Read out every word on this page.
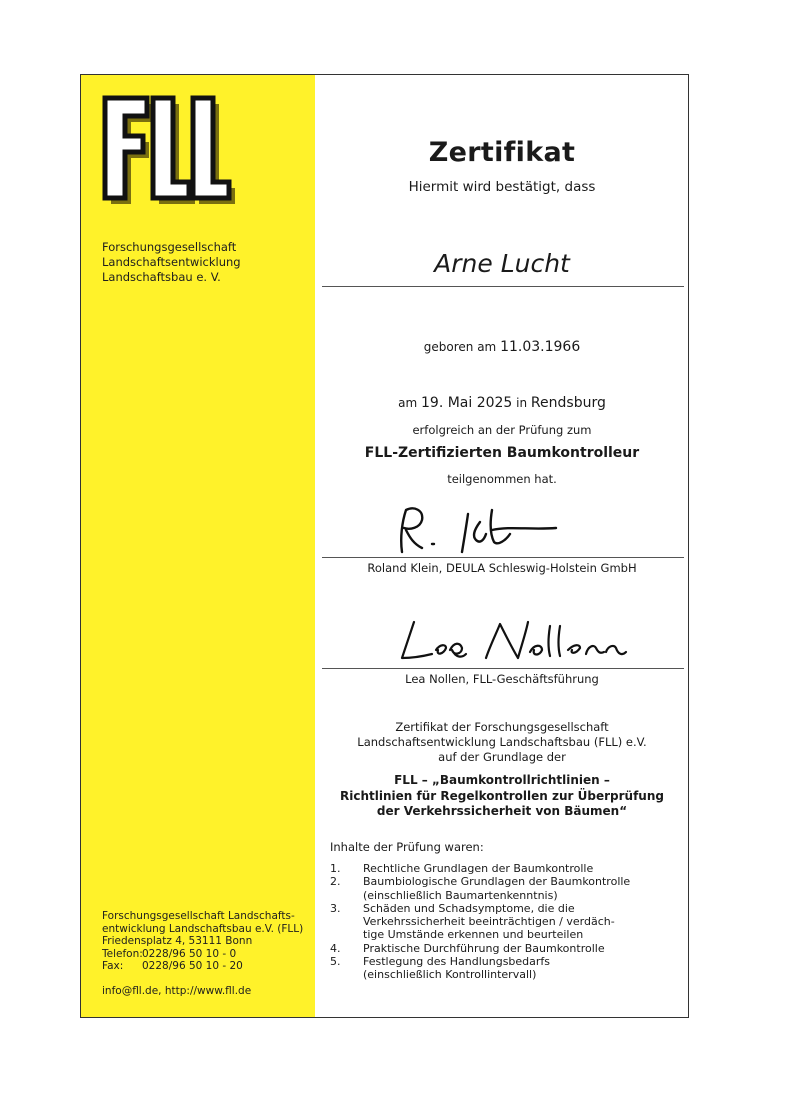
Forschungsgesellschaft
Landschaftsentwicklung
Landschaftsbau e. V.
Forschungsgesellschaft Landschafts-
entwicklung Landschaftsbau e.V. (FLL)
Friedensplatz 4, 53111 Bonn
Telefon:0228/96 50 10 - 0
Fax: 0228/96 50 10 - 20
info@fll.de, http://www.fll.de
Zertifikat
Hiermit wird bestätigt, dass
Arne Lucht
geboren am 11.03.1966
am 19. Mai 2025 in Rendsburg
erfolgreich an der Prüfung zum
FLL-Zertifizierten Baumkontrolleur
teilgenommen hat.
Roland Klein, DEULA Schleswig-Holstein GmbH
Lea Nollen, FLL-Geschäftsführung
Zertifikat der Forschungsgesellschaft
Landschaftsentwicklung Landschaftsbau (FLL) e.V.
auf der Grundlage der
FLL – „Baumkontrollrichtlinien –
Richtlinien für Regelkontrollen zur Überprüfung
der Verkehrssicherheit von Bäumen“
Inhalte der Prüfung waren:
1.	Rechtliche Grundlagen der Baumkontrolle
2.	Baumbiologische Grundlagen der Baumkontrolle
(einschließlich Baumartenkenntnis)
3.	Schäden und Schadsymptome, die die
Verkehrssicherheit beeinträchtigen / verdäch-
tige Umstände erkennen und beurteilen
4.	Praktische Durchführung der Baumkontrolle
5.	Festlegung des Handlungsbedarfs
(einschließlich Kontrollintervall)
